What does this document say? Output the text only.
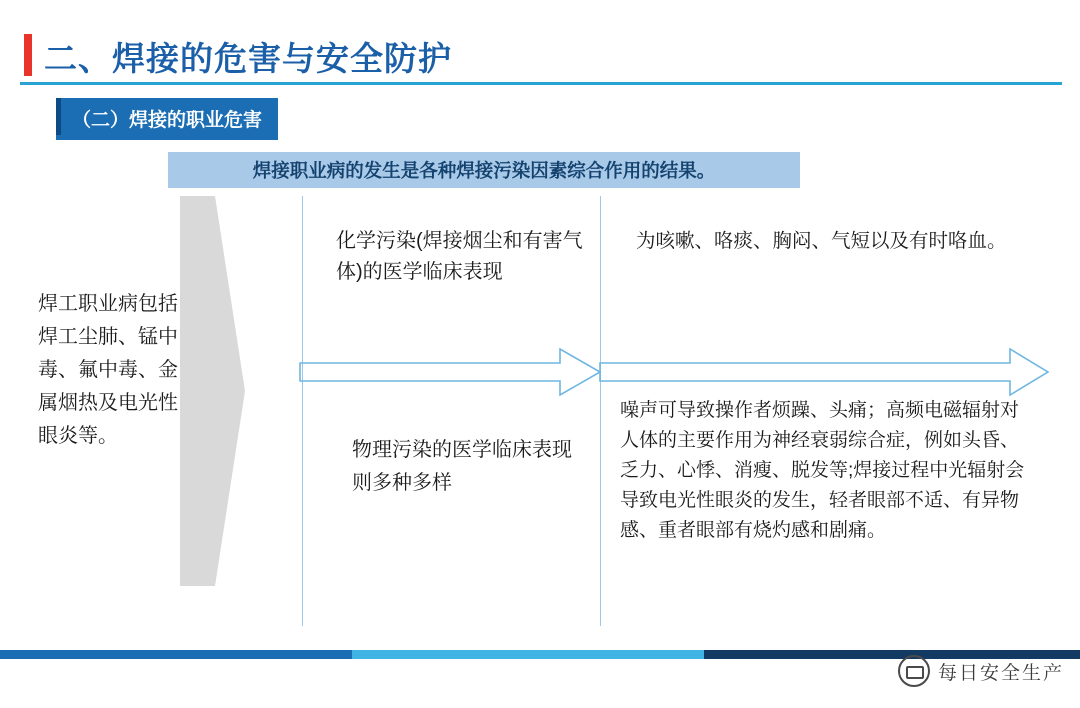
二、焊接的危害与安全防护
（二）焊接的职业危害
焊接职业病的发生是各种焊接污染因素综合作用的结果。
焊工职业病包括焊工尘肺、锰中毒、氟中毒、金属烟热及电光性眼炎等。
化学污染(焊接烟尘和有害气体)的医学临床表现
为咳嗽、咯痰、胸闷、气短以及有时咯血。
物理污染的医学临床表现则多种多样
噪声可导致操作者烦躁、头痛；高频电磁辐射对人体的主要作用为神经衰弱综合症，例如头昏、乏力、心悸、消瘦、脱发等;焊接过程中光辐射会导致电光性眼炎的发生，轻者眼部不适、有异物感、重者眼部有烧灼感和剧痛。
每日安全生产
